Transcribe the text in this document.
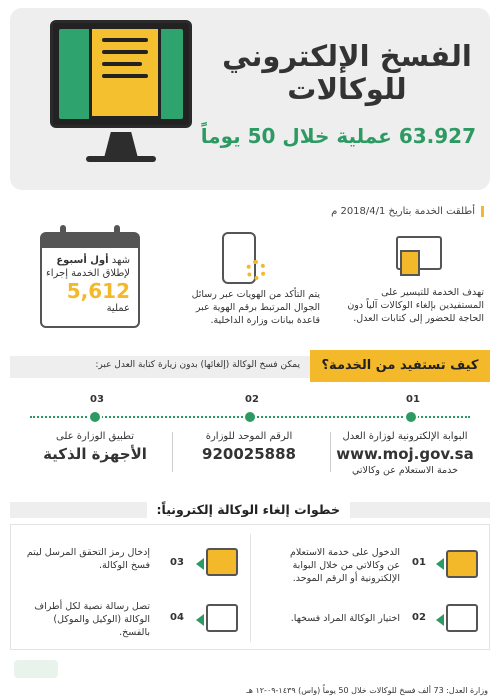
الفسخ الإلكتروني
للوكالات
63.927 عملية خلال 50 يوماً
أطلقت الخدمة بتاريخ 2018/4/1 م
تهدف الخدمة للتيسير على المستفيدين بإلغاء الوكالات آلياً دون الحاجة للحضور إلى كتابات العدل.
يتم التأكد من الهويات عبر رسائل الجوال المرتبط برقم الهوية عبر قاعدة بيانات وزارة الداخلية.
شهد أول أسبوع
لإطلاق الخدمة إجراء
5,612
عملية
كيف تستفيد من الخدمة؟
يمكن فسخ الوكالة (إلغائها) بدون زيارة كتابة العدل عبر:
01
02
03
البوابة الإلكترونية لوزارة العدل
www.moj.gov.sa
خدمة الاستعلام عن وكالاتي
الرقم الموحد للوزارة
920025888
تطبيق الوزارة على
الأجهزة الذكية
خطوات إلغاء الوكالة إلكترونياً:
01
الدخول على خدمة الاستعلام عن وكالاتي من خلال البوابة الإلكترونية أو الرقم الموحد.
02
اختيار الوكالة المراد فسخها.
03
إدخال رمز التحقق المرسل ليتم فسخ الوكالة.
04
تصل رسالة نصية لكل أطراف الوكالة (الوكيل والموكل) بالفسخ.
وزارة العدل: 73 ألف فسخ للوكالات خلال 50 يوماً (واس) ١٤٣٩-٠٩-١٢ هـ
